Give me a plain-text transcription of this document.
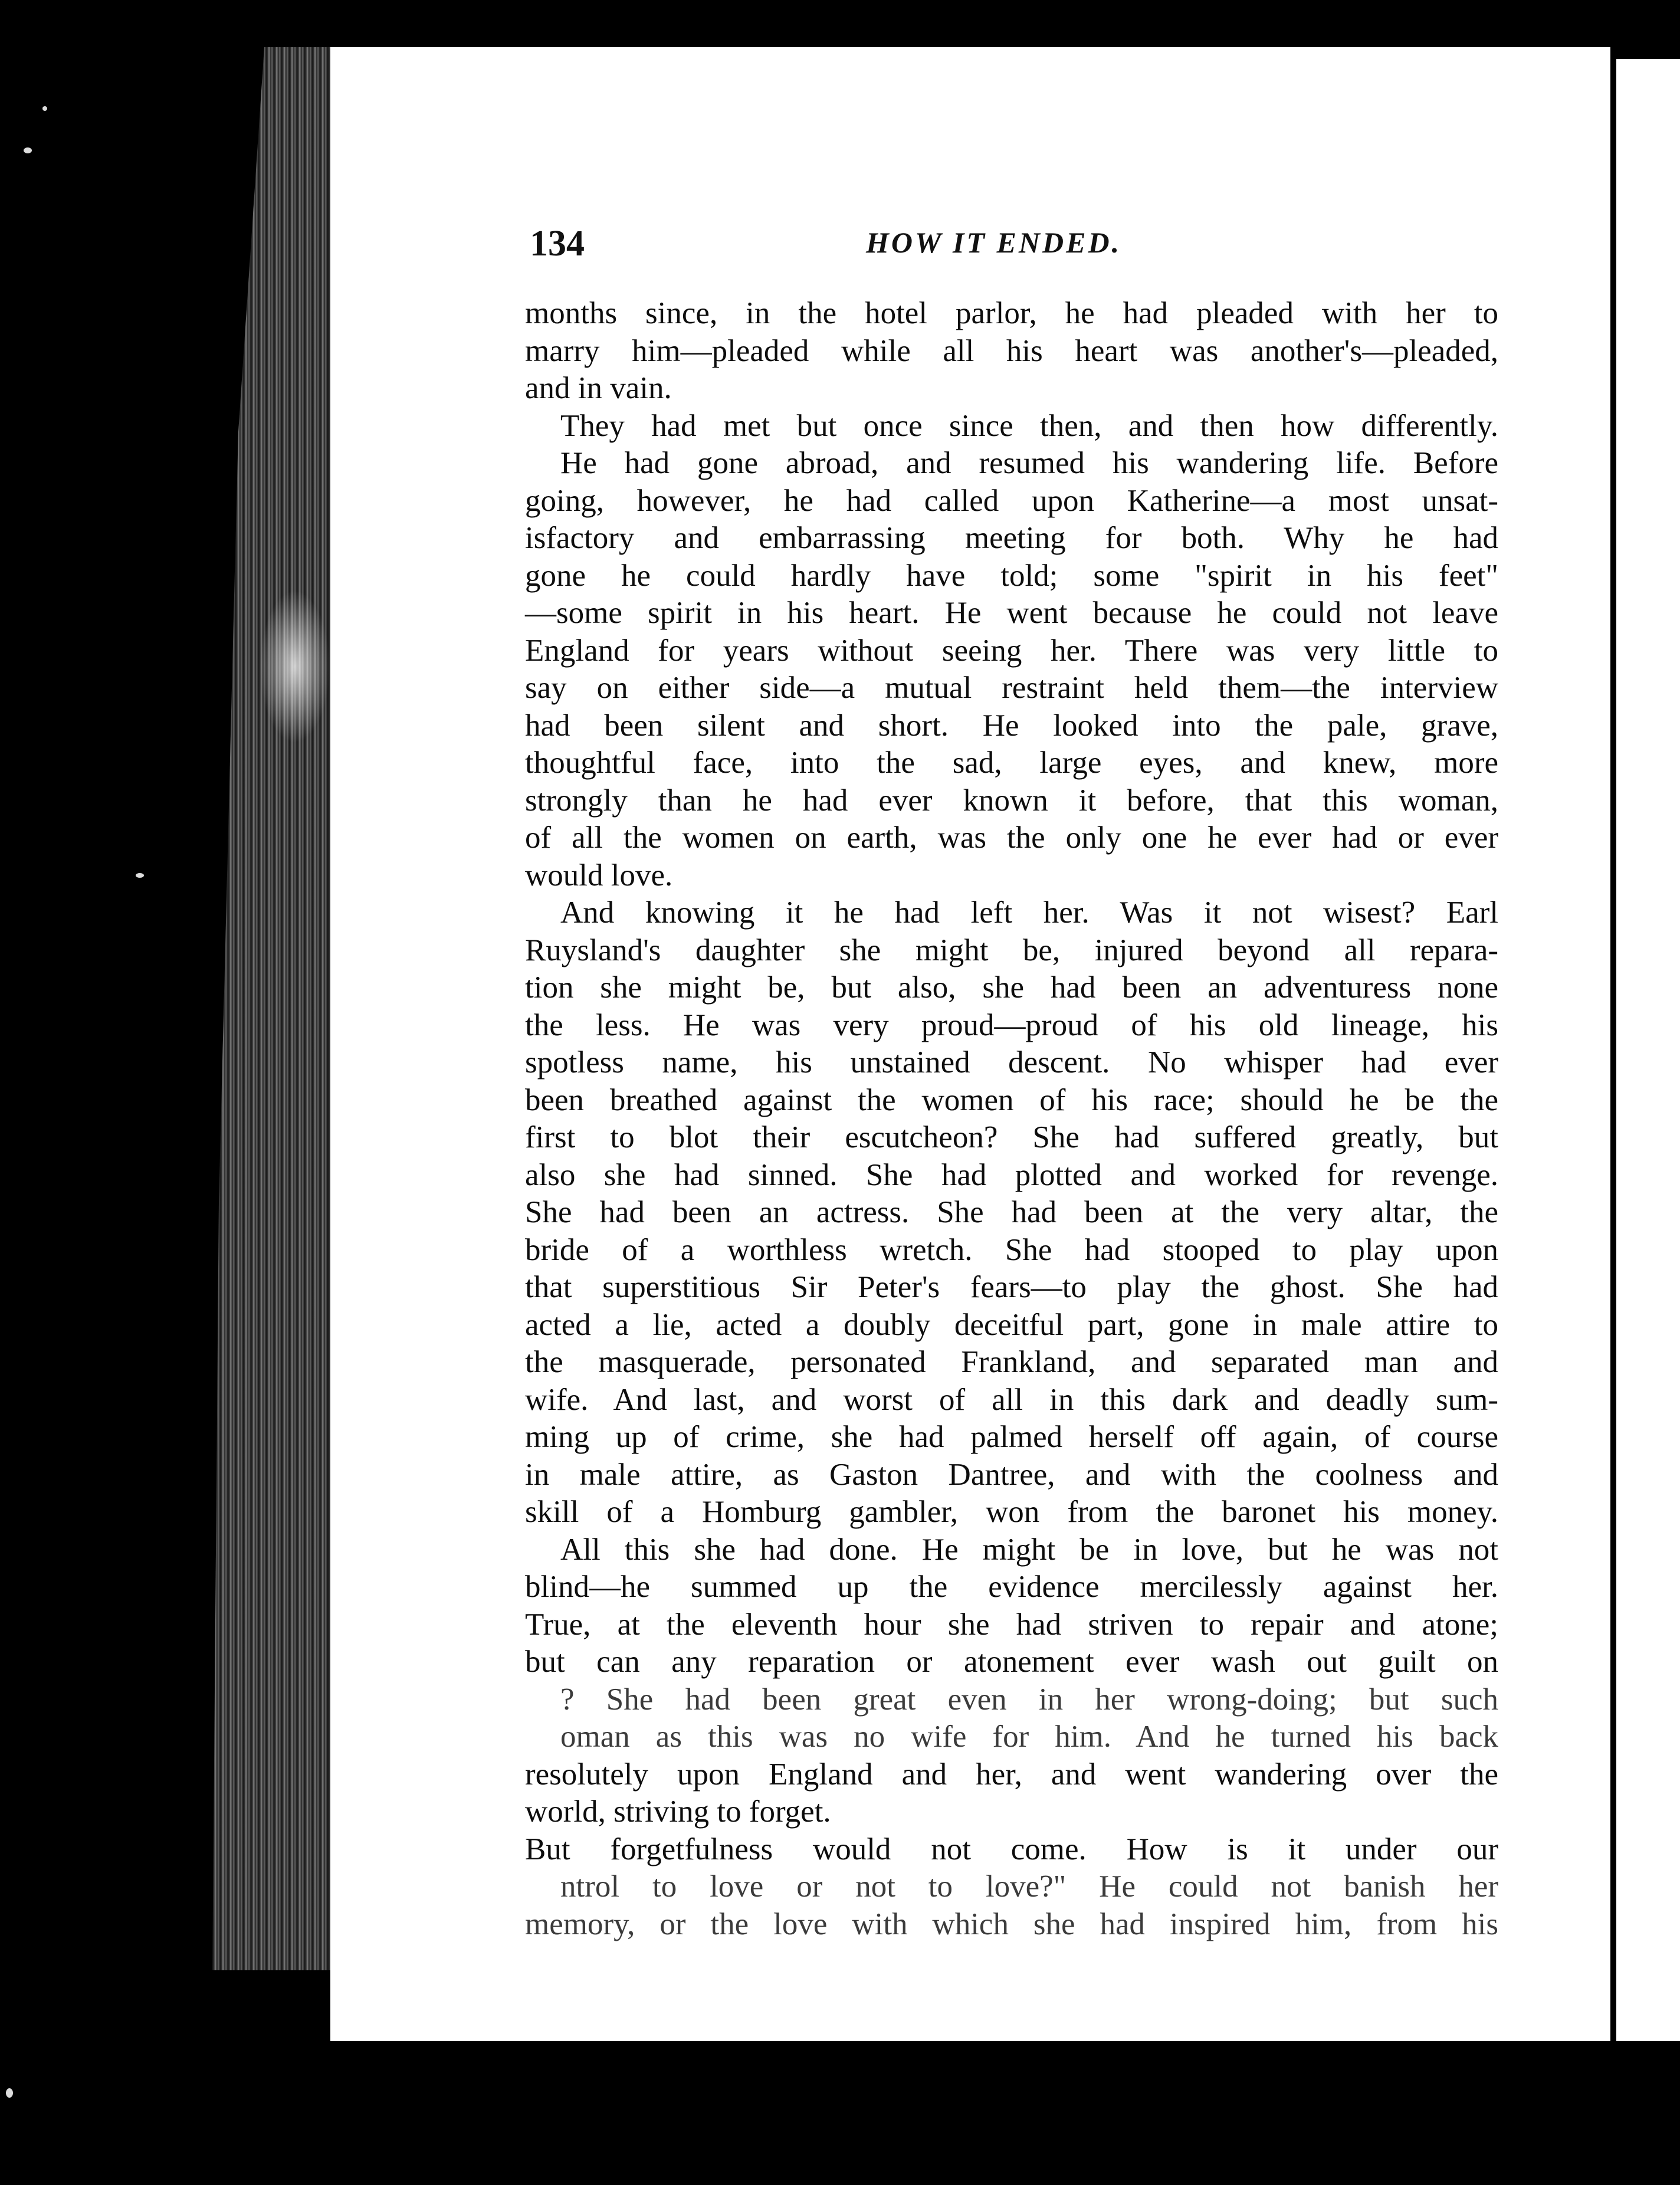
134	HOW IT ENDED.
months since, in the hotel parlor, he had pleaded with her to
marry him—pleaded while all his heart was another's—pleaded,
and in vain.
They had met but once since then, and then how differently.
He had gone abroad, and resumed his wandering life. Before
going, however, he had called upon Katherine—a most unsat-
isfactory and embarrassing meeting for both. Why he had
gone he could hardly have told; some "spirit in his feet"
—some spirit in his heart. He went because he could not leave
England for years without seeing her. There was very little to
say on either side—a mutual restraint held them—the interview
had been silent and short. He looked into the pale, grave,
thoughtful face, into the sad, large eyes, and knew, more
strongly than he had ever known it before, that this woman,
of all the women on earth, was the only one he ever had or ever
would love.
And knowing it he had left her. Was it not wisest? Earl
Ruysland's daughter she might be, injured beyond all repara-
tion she might be, but also, she had been an adventuress none
the less. He was very proud—proud of his old lineage, his
spotless name, his unstained descent. No whisper had ever
been breathed against the women of his race; should he be the
first to blot their escutcheon? She had suffered greatly, but
also she had sinned. She had plotted and worked for revenge.
She had been an actress. She had been at the very altar, the
bride of a worthless wretch. She had stooped to play upon
that superstitious Sir Peter's fears—to play the ghost. She had
acted a lie, acted a doubly deceitful part, gone in male attire to
the masquerade, personated Frankland, and separated man and
wife. And last, and worst of all in this dark and deadly sum-
ming up of crime, she had palmed herself off again, of course
in male attire, as Gaston Dantree, and with the coolness and
skill of a Homburg gambler, won from the baronet his money.
All this she had done. He might be in love, but he was not
blind—he summed up the evidence mercilessly against her.
True, at the eleventh hour she had striven to repair and atone;
but can any reparation or atonement ever wash out guilt on
? She had been great even in her wrong-doing; but such
oman as this was no wife for him. And he turned his back
resolutely upon England and her, and went wandering over the
world, striving to forget.
But forgetfulness would not come. How is it under our
ntrol to love or not to love?" He could not banish her
memory, or the love with which she had inspired him, from his
